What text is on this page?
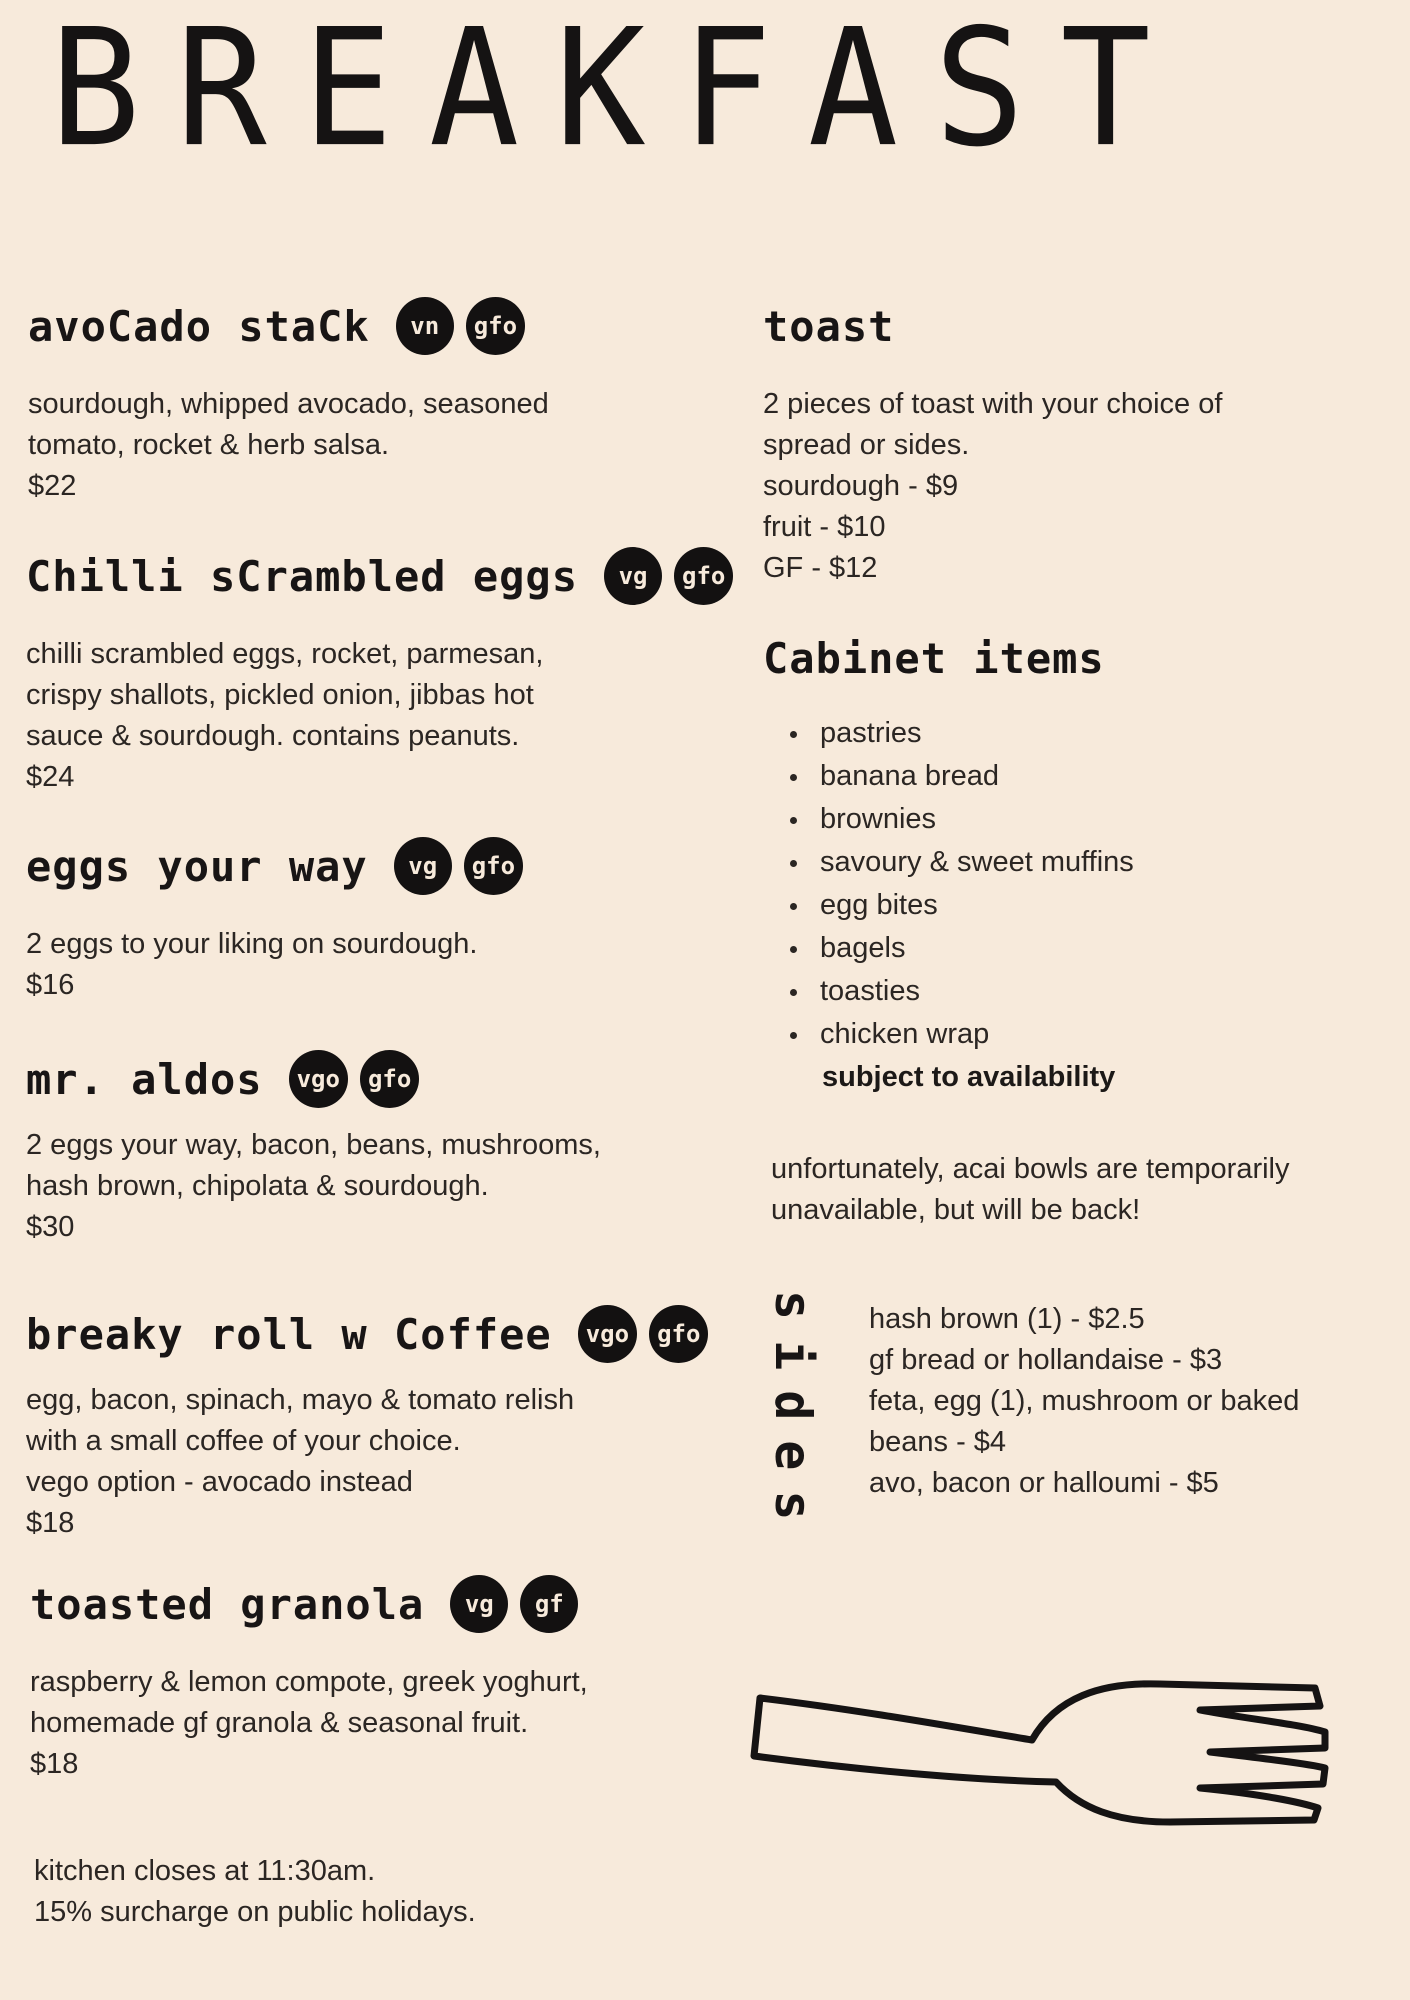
BREAKFAST
avoCado staCk	vn	gfo
sourdough, whipped avocado, seasoned
tomato, rocket & herb salsa.
$22
Chilli sCrambled eggs	vg	gfo
chilli scrambled eggs, rocket, parmesan,
crispy shallots, pickled onion, jibbas hot
sauce & sourdough. contains peanuts.
$24
eggs your way	vg	gfo
2 eggs to your liking on sourdough.
$16
mr. aldos	vgo	gfo
2 eggs your way, bacon, beans, mushrooms,
hash brown, chipolata & sourdough.
$30
breaky roll w Coffee	vgo	gfo
egg, bacon, spinach, mayo & tomato relish
with a small coffee of your choice.
vego option - avocado instead
$18
toasted granola	vg	gf
raspberry & lemon compote, greek yoghurt,
homemade gf granola & seasonal fruit.
$18
kitchen closes at 11:30am.
15% surcharge on public holidays.
toast
2 pieces of toast with your choice of
spread or sides.
sourdough - $9
fruit - $10
GF - $12
Cabinet items
pastries
banana bread
brownies
savoury & sweet muffins
egg bites
bagels
toasties
chicken wrap
subject to availability
unfortunately, acai bowls are temporarily
unavailable, but will be back!
sides hash brown (1) - $2.5
gf bread or hollandaise - $3
feta, egg (1), mushroom or baked
beans - $4
avo, bacon or halloumi - $5
